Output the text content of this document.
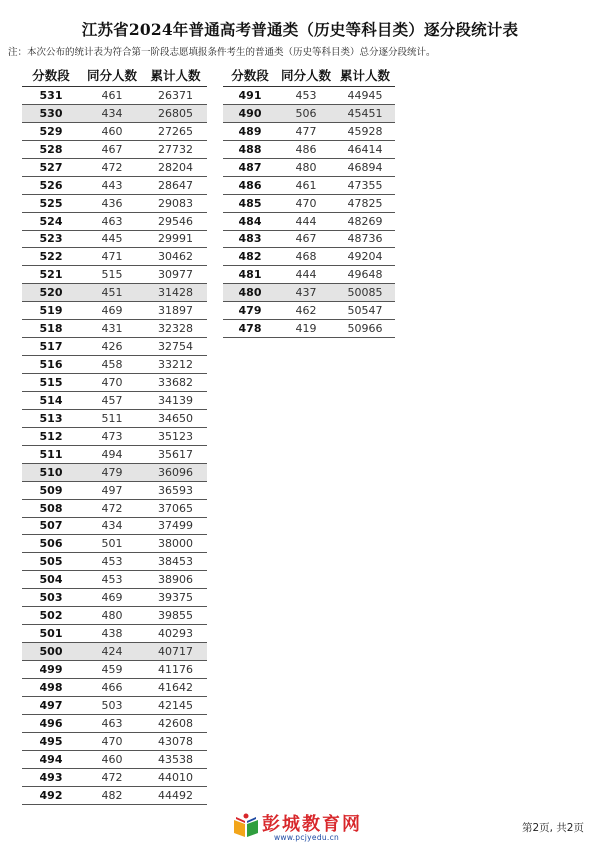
江苏省2024年普通高考普通类（历史等科目类）逐分段统计表
注：本次公布的统计表为符合第一阶段志愿填报条件考生的普通类（历史等科目类）总分逐分段统计。
分数段	同分人数	累计人数
531	461	26371
530	434	26805
529	460	27265
528	467	27732
527	472	28204
526	443	28647
525	436	29083
524	463	29546
523	445	29991
522	471	30462
521	515	30977
520	451	31428
519	469	31897
518	431	32328
517	426	32754
516	458	33212
515	470	33682
514	457	34139
513	511	34650
512	473	35123
511	494	35617
510	479	36096
509	497	36593
508	472	37065
507	434	37499
506	501	38000
505	453	38453
504	453	38906
503	469	39375
502	480	39855
501	438	40293
500	424	40717
499	459	41176
498	466	41642
497	503	42145
496	463	42608
495	470	43078
494	460	43538
493	472	44010
492	482	44492
分数段	同分人数	累计人数
491	453	44945
490	506	45451
489	477	45928
488	486	46414
487	480	46894
486	461	47355
485	470	47825
484	444	48269
483	467	48736
482	468	49204
481	444	49648
480	437	50085
479	462	50547
478	419	50966
彭城教育网
www.pcjyedu.cn
第2页, 共2页
